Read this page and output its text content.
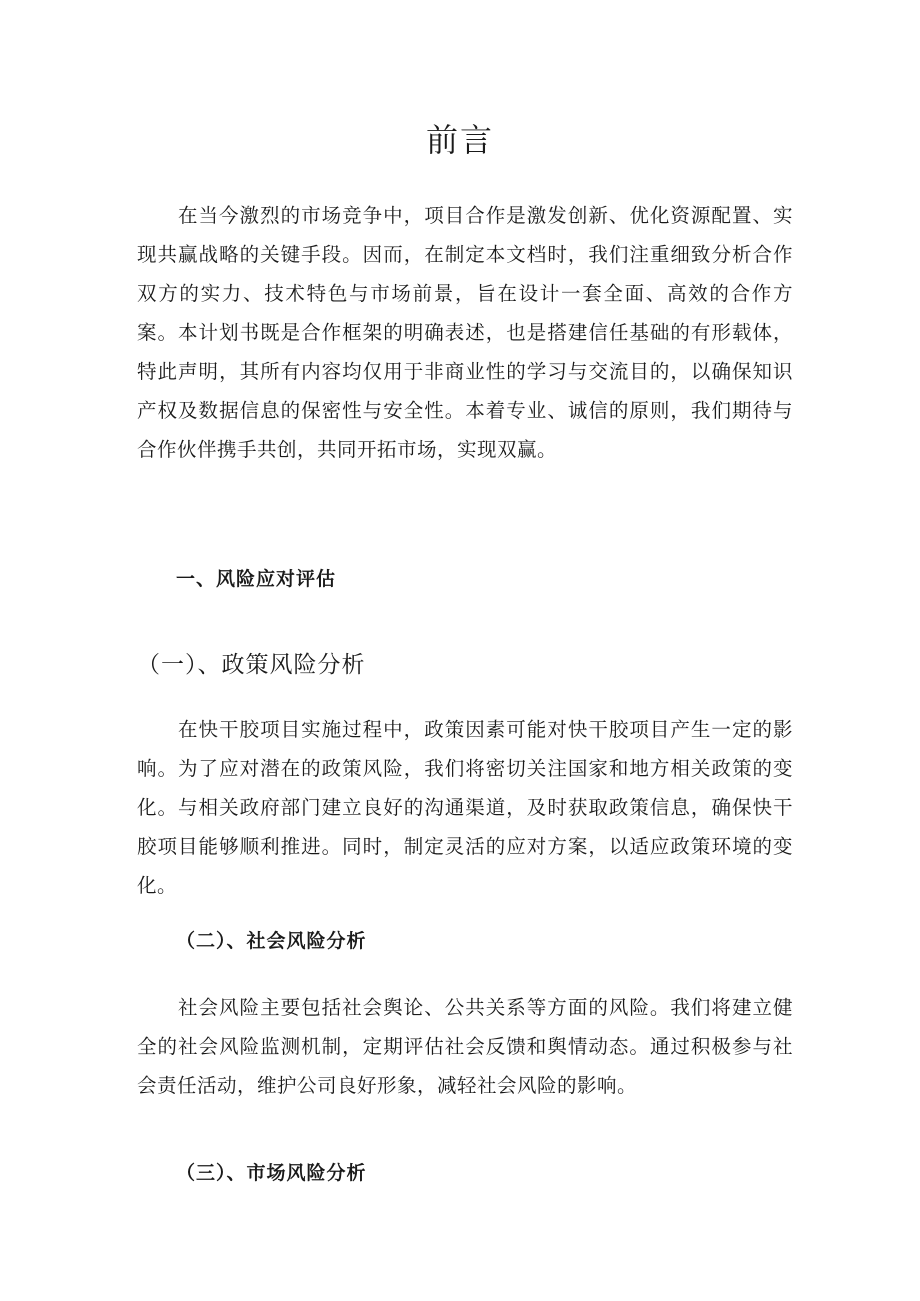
前言

在当今激烈的市场竞争中，项目合作是激发创新、优化资源配置、实现共赢战略的关键手段。因而，在制定本文档时，我们注重细致分析合作双方的实力、技术特色与市场前景，旨在设计一套全面、高效的合作方案。本计划书既是合作框架的明确表述，也是搭建信任基础的有形载体，特此声明，其所有内容均仅用于非商业性的学习与交流目的，以确保知识产权及数据信息的保密性与安全性。本着专业、诚信的原则，我们期待与合作伙伴携手共创，共同开拓市场，实现双赢。

一、风险应对评估
（一）、政策风险分析

在快干胶项目实施过程中，政策因素可能对快干胶项目产生一定的影响。为了应对潜在的政策风险，我们将密切关注国家和地方相关政策的变化。与相关政府部门建立良好的沟通渠道，及时获取政策信息，确保快干胶项目能够顺利推进。同时，制定灵活的应对方案，以适应政策环境的变化。

（二）、社会风险分析

社会风险主要包括社会舆论、公共关系等方面的风险。我们将建立健全的社会风险监测机制，定期评估社会反馈和舆情动态。通过积极参与社会责任活动，维护公司良好形象，减轻社会风险的影响。

（三）、市场风险分析
